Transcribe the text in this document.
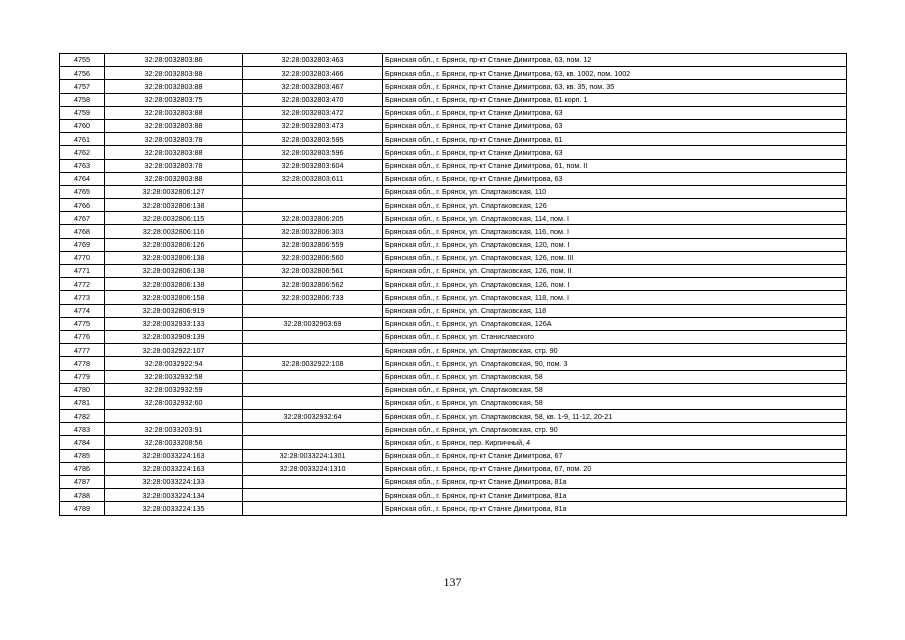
4755	32:28:0032803:86	32:28:0032803:463	Брянская обл., г. Брянск, пр-кт Станке Димитрова, 63, пом. 12
4756	32:28:0032803:88	32:28:0032803:466	Брянская обл., г. Брянск, пр-кт Станке Димитрова, 63, кв. 1002, пом. 1002
4757	32:28:0032803:88	32:28:0032803:467	Брянская обл., г. Брянск, пр-кт Станке Димитрова, 63, кв. 35, пом. 35
4758	32:28:0032803:75	32:28:0032803:470	Брянская обл., г. Брянск, пр-кт Станке Димитрова, 61 корп. 1
4759	32:28:0032803:88	32:28:0032803:472	Брянская обл., г. Брянск, пр-кт Станке Димитрова, 63
4760	32:28:0032803:88	32:28:0032803:473	Брянская обл., г. Брянск, пр-кт Станке Димитрова, 63
4761	32:28:0032803:78	32:28:0032803:595	Брянская обл., г. Брянск, пр-кт Станке Димитрова, 61
4762	32:28:0032803:88	32:28:0032803:596	Брянская обл., г. Брянск, пр-кт Станке Димитрова, 63
4763	32:28:0032803:78	32:28:0032803:604	Брянская обл., г. Брянск, пр-кт Станке Димитрова, 61, пом. II
4764	32:28:0032803:88	32:28:0032803:611	Брянская обл., г. Брянск, пр-кт Станке Димитрова, 63
4765	32:28:0032806:127		Брянская обл., г. Брянск, ул. Спартаковская, 110
4766	32:28:0032806:138		Брянская обл., г. Брянск, ул. Спартаковская, 126
4767	32:28:0032806:115	32:28:0032806:205	Брянская обл., г. Брянск, ул. Спартаковская, 114, пом. I
4768	32:28:0032806:116	32:28:0032806:303	Брянская обл., г. Брянск, ул. Спартаковская, 116, пом. I
4769	32:28:0032806:126	32:28:0032806:559	Брянская обл., г. Брянск, ул. Спартаковская, 120, пом. I
4770	32:28:0032806:138	32:28:0032806:560	Брянская обл., г. Брянск, ул. Спартаковская, 126, пом. III
4771	32:28:0032806:138	32:28:0032806:561	Брянская обл., г. Брянск, ул. Спартаковская, 126, пом. II
4772	32:28:0032806:138	32:28:0032806:562	Брянская обл., г. Брянск, ул. Спартаковская, 126, пом. I
4773	32:28:0032806:158	32:28:0032806:733	Брянская обл., г. Брянск, ул. Спартаковская, 118, пом. I
4774	32:28:0032806:919		Брянская обл., г. Брянск, ул. Спартаковская, 118
4775	32:28:0032933:133	32:28:0032903:69	Брянская обл., г. Брянск, ул. Спартаковская, 126А
4776	32:28:0032909:139		Брянская обл., г. Брянск, ул. Станиславского
4777	32:28:0032922:107		Брянская обл., г. Брянск, ул. Спартаковская, стр. 90
4778	32:28:0032922:94	32:28:0032922:108	Брянская обл., г. Брянск, ул. Спартаковская, 90, пом. 3
4779	32:28:0032932:58		Брянская обл., г. Брянск, ул. Спартаковская, 58
4780	32:28:0032932:59		Брянская обл., г. Брянск, ул. Спартаковская, 58
4781	32:28:0032932:60		Брянская обл., г. Брянск, ул. Спартаковская, 58
4782		32:28:0032932:64	Брянская обл., г. Брянск, ул. Спартаковская, 58, кв. 1-9, 11-12, 20-21
4783	32:28:0033203:91		Брянская обл., г. Брянск, ул. Спартаковская, стр. 90
4784	32:28:0033208:56		Брянская обл., г. Брянск, пер. Кирпичный, 4
4785	32:28:0033224:163	32:28:0033224:1301	Брянская обл., г. Брянск, пр-кт Станке Димитрова, 67
4786	32:28:0033224:163	32:28:0033224:1310	Брянская обл., г. Брянск, пр-кт Станке Димитрова, 67, пом. 20
4787	32:28:0033224:133		Брянская обл., г. Брянск, пр-кт Станке Димитрова, 81а
4788	32:28:0033224:134		Брянская обл., г. Брянск, пр-кт Станке Димитрова, 81а
4789	32:28:0033224:135		Брянская обл., г. Брянск, пр-кт Станке Димитрова, 81а
137
